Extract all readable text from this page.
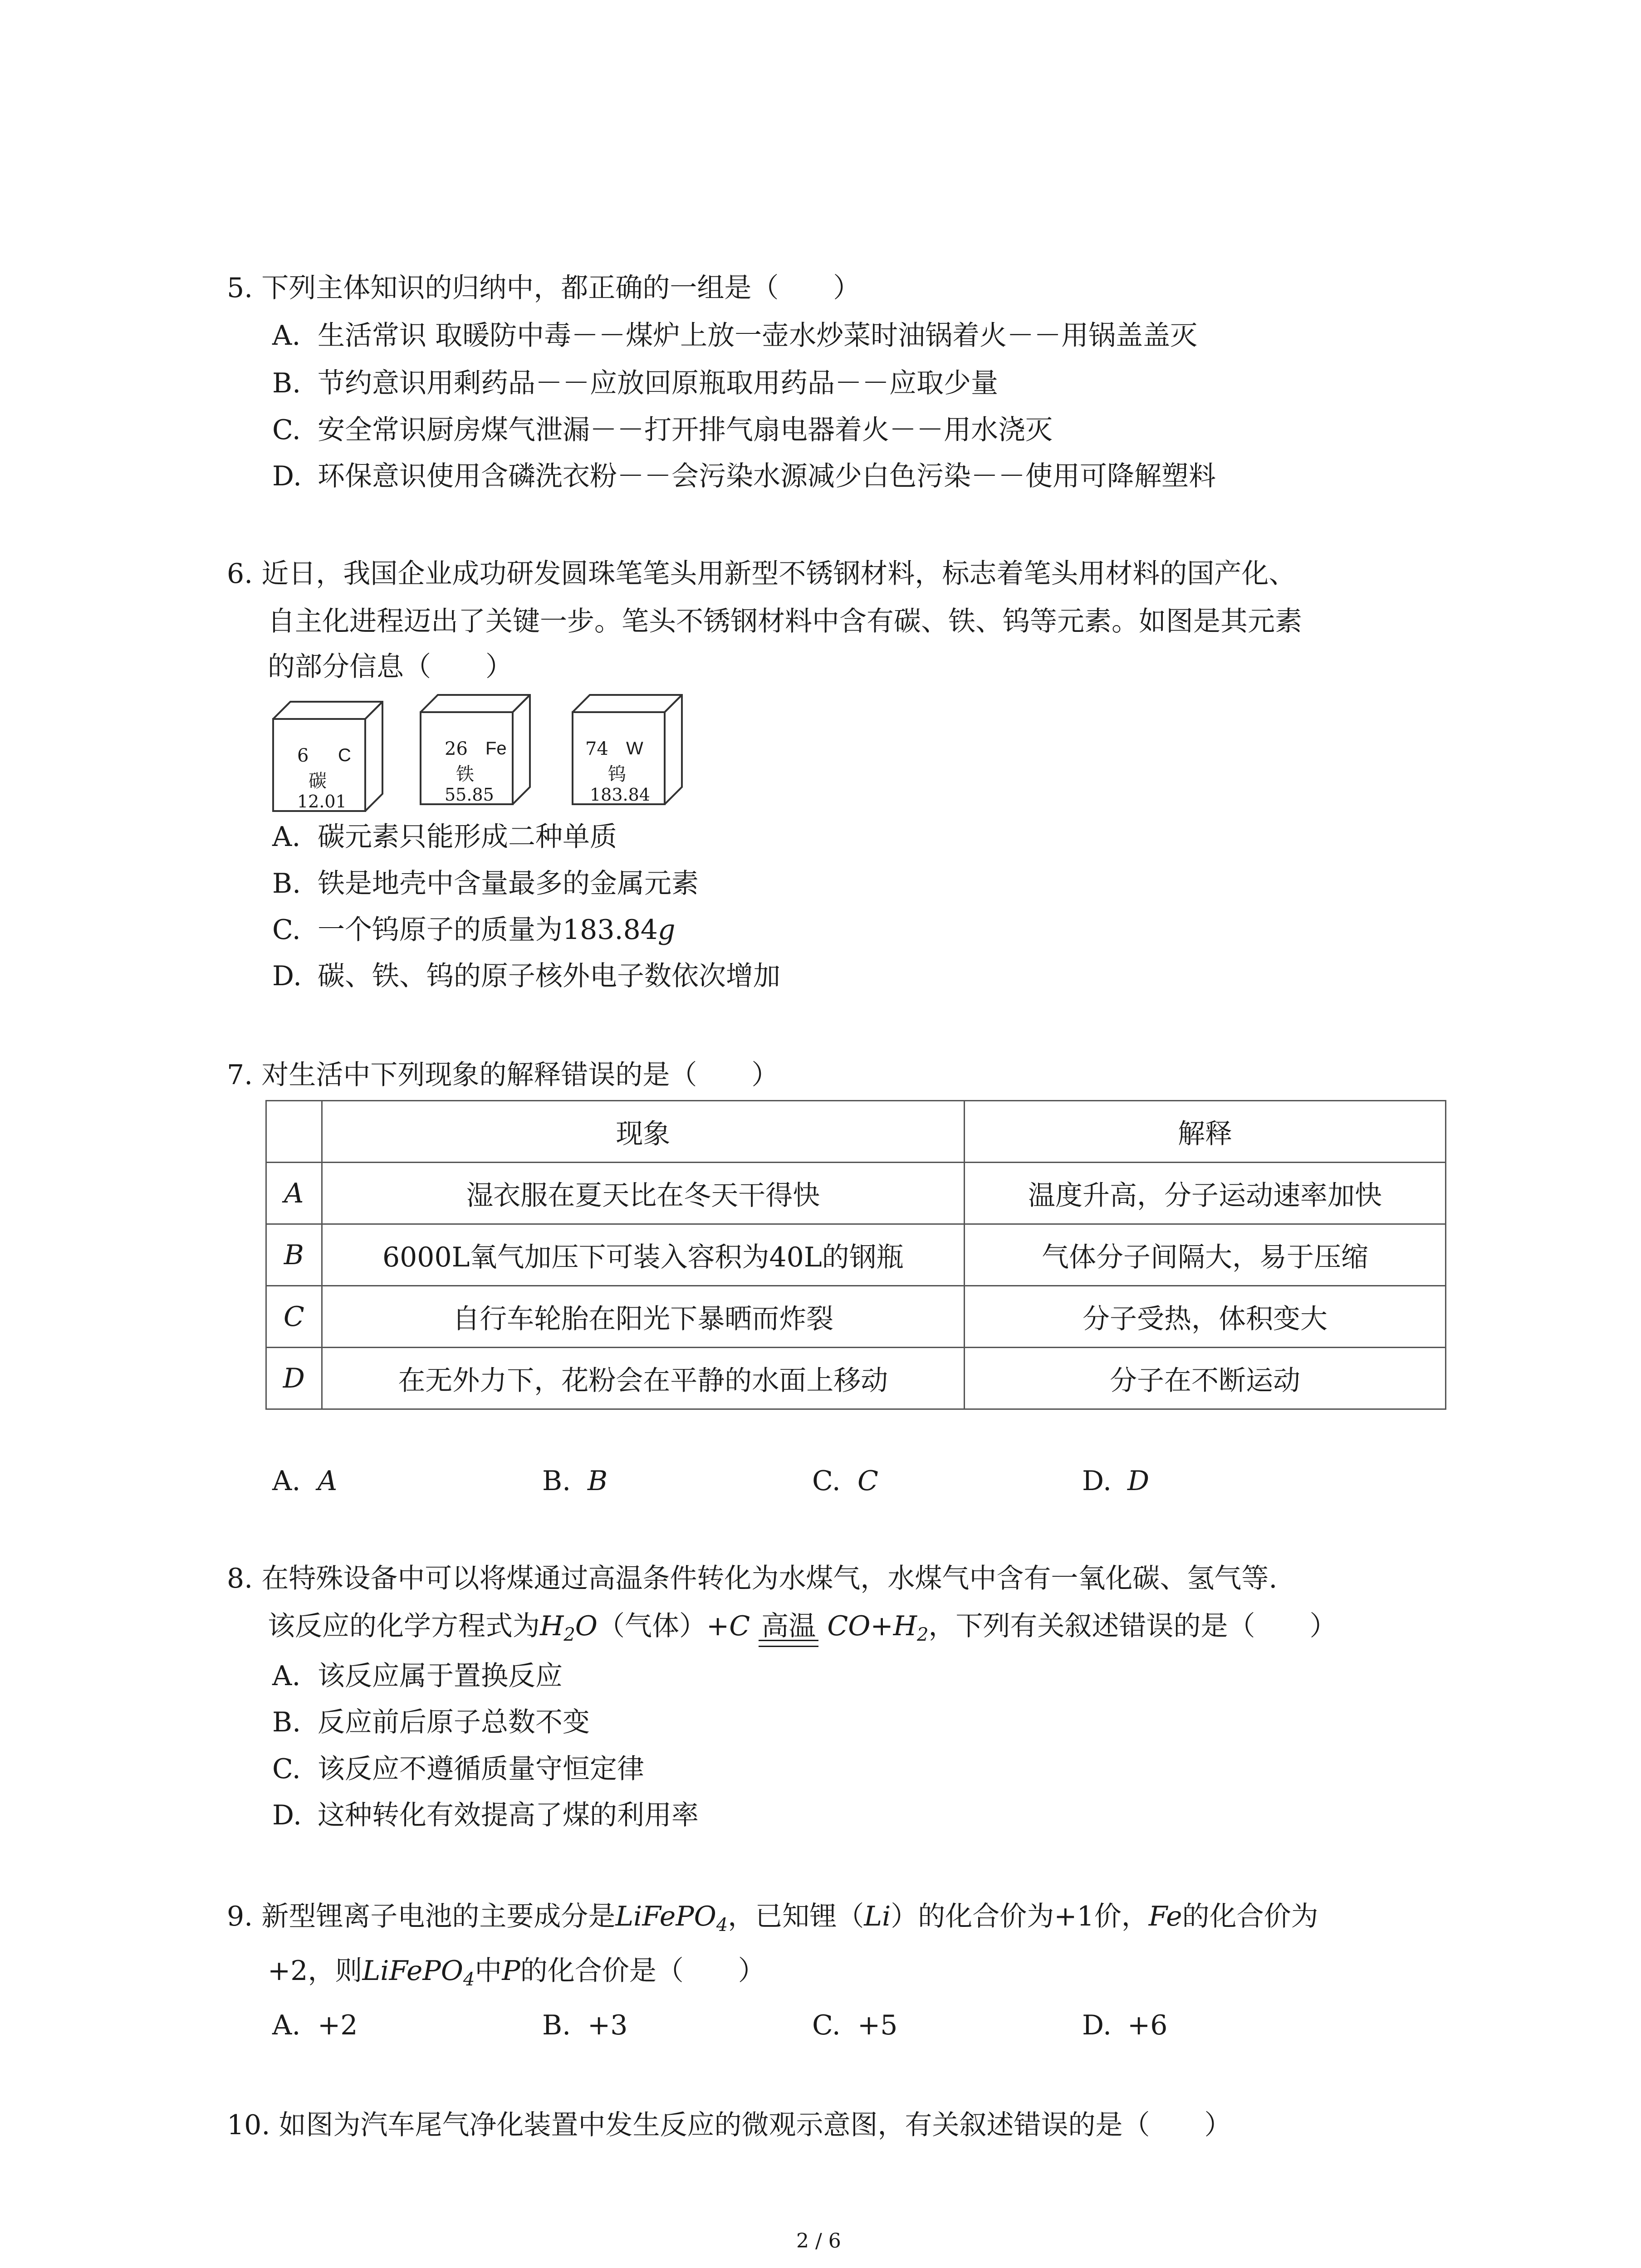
5. 下列主体知识的归纳中，都正确的一组是（　　）
A. 生活常识 取暖防中毒－－煤炉上放一壶水炒菜时油锅着火－－用锅盖盖灭
B. 节约意识用剩药品－－应放回原瓶取用药品－－应取少量
C. 安全常识厨房煤气泄漏－－打开排气扇电器着火－－用水浇灭
D. 环保意识使用含磷洗衣粉－－会污染水源减少白色污染－－使用可降解塑料
6. 近日，我国企业成功研发圆珠笔笔头用新型不锈钢材料，标志着笔头用材料的国产化、
自主化进程迈出了关键一步。笔头不锈钢材料中含有碳、铁、钨等元素。如图是其元素
的部分信息（　　）
6 C
碳
12.01
26 Fe
铁
55.85
74 W
钨
183.84
A. 碳元素只能形成二种单质
B. 铁是地壳中含量最多的金属元素
C. 一个钨原子的质量为183.84g
D. 碳、铁、钨的原子核外电子数依次增加
7. 对生活中下列现象的解释错误的是（　　）
	现象	解释
A	湿衣服在夏天比在冬天干得快	温度升高，分子运动速率加快
B	6000L氧气加压下可装入容积为40L的钢瓶	气体分子间隔大，易于压缩
C	自行车轮胎在阳光下暴晒而炸裂	分子受热，体积变大
D	在无外力下，花粉会在平静的水面上移动	分子在不断运动
A. A	B. B	C. C	D. D
8. 在特殊设备中可以将煤通过高温条件转化为水煤气，水煤气中含有一氧化碳、氢气等.
该反应的化学方程式为$H_2O$（气体）+C 高温 $CO+H_2$，下列有关叙述错误的是（　　）
A. 该反应属于置换反应
B. 反应前后原子总数不变
C. 该反应不遵循质量守恒定律
D. 这种转化有效提高了煤的利用率
9. 新型锂离子电池的主要成分是LiFePO$_4$，已知锂（Li）的化合价为+1价，Fe的化合价为
+2，则LiFePO$_4$中P的化合价是（　　）
A. +2	B. +3	C. +5	D. +6
10. 如图为汽车尾气净化装置中发生反应的微观示意图，有关叙述错误的是（　　）
2 / 6
